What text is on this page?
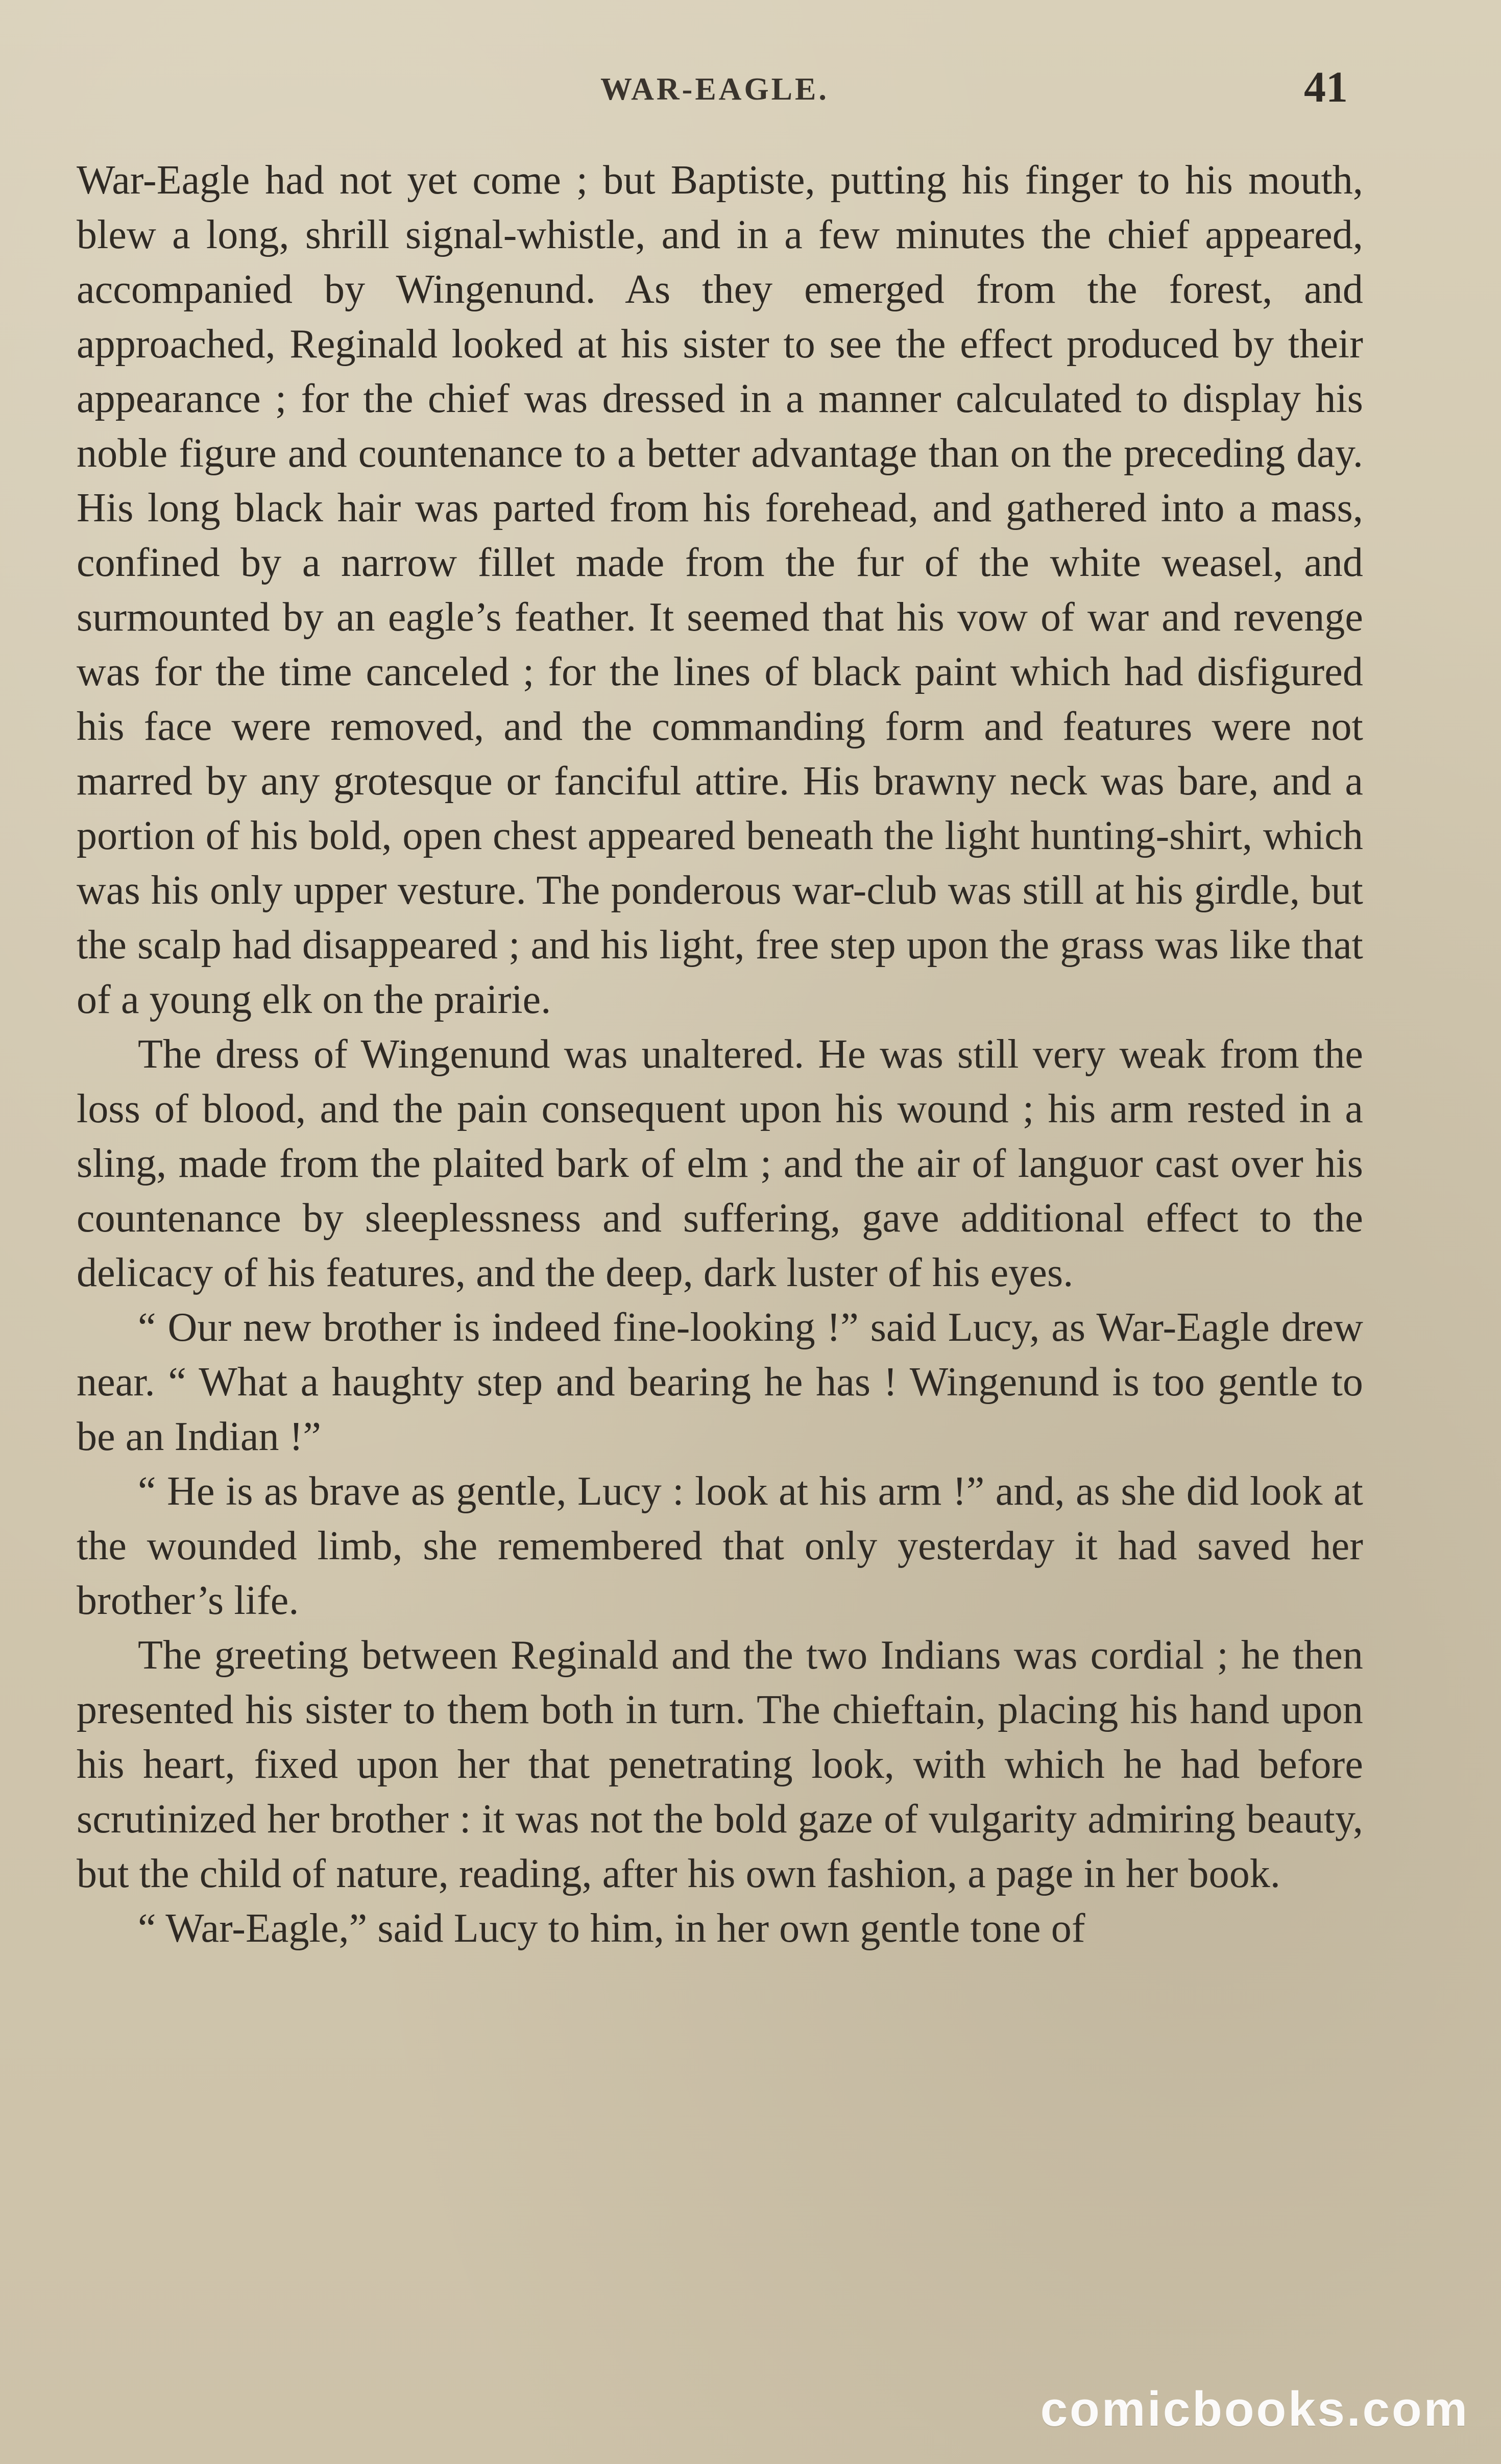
WAR-EAGLE.	41

War-Eagle had not yet come ; but Baptiste, putting his finger to his mouth, blew a long, shrill signal-whistle, and in a few minutes the chief appeared, accompanied by Wingenund. As they emerged from the forest, and approached, Reginald looked at his sister to see the effect produced by their appearance ; for the chief was dressed in a manner calculated to display his noble figure and countenance to a better advantage than on the preceding day. His long black hair was parted from his forehead, and gathered into a mass, confined by a narrow fillet made from the fur of the white weasel, and surmounted by an eagle’s feather. It seemed that his vow of war and revenge was for the time canceled ; for the lines of black paint which had disfigured his face were removed, and the commanding form and features were not marred by any grotesque or fanciful attire. His brawny neck was bare, and a portion of his bold, open chest appeared beneath the light hunting-shirt, which was his only upper vesture. The ponderous war-club was still at his girdle, but the scalp had disappeared ; and his light, free step upon the grass was like that of a young elk on the prairie.

The dress of Wingenund was unaltered. He was still very weak from the loss of blood, and the pain consequent upon his wound ; his arm rested in a sling, made from the plaited bark of elm ; and the air of languor cast over his countenance by sleeplessness and suffering, gave additional effect to the delicacy of his features, and the deep, dark luster of his eyes.

“ Our new brother is indeed fine-looking !” said Lucy, as War-Eagle drew near. “ What a haughty step and bearing he has ! Wingenund is too gentle to be an Indian !”

“ He is as brave as gentle, Lucy : look at his arm !” and, as she did look at the wounded limb, she remembered that only yesterday it had saved her brother’s life.

The greeting between Reginald and the two Indians was cordial ; he then presented his sister to them both in turn. The chieftain, placing his hand upon his heart, fixed upon her that penetrating look, with which he had before scrutinized her brother : it was not the bold gaze of vulgarity admiring beauty, but the child of nature, reading, after his own fashion, a page in her book.

“ War-Eagle,” said Lucy to him, in her own gentle tone of

comicbooks.com
